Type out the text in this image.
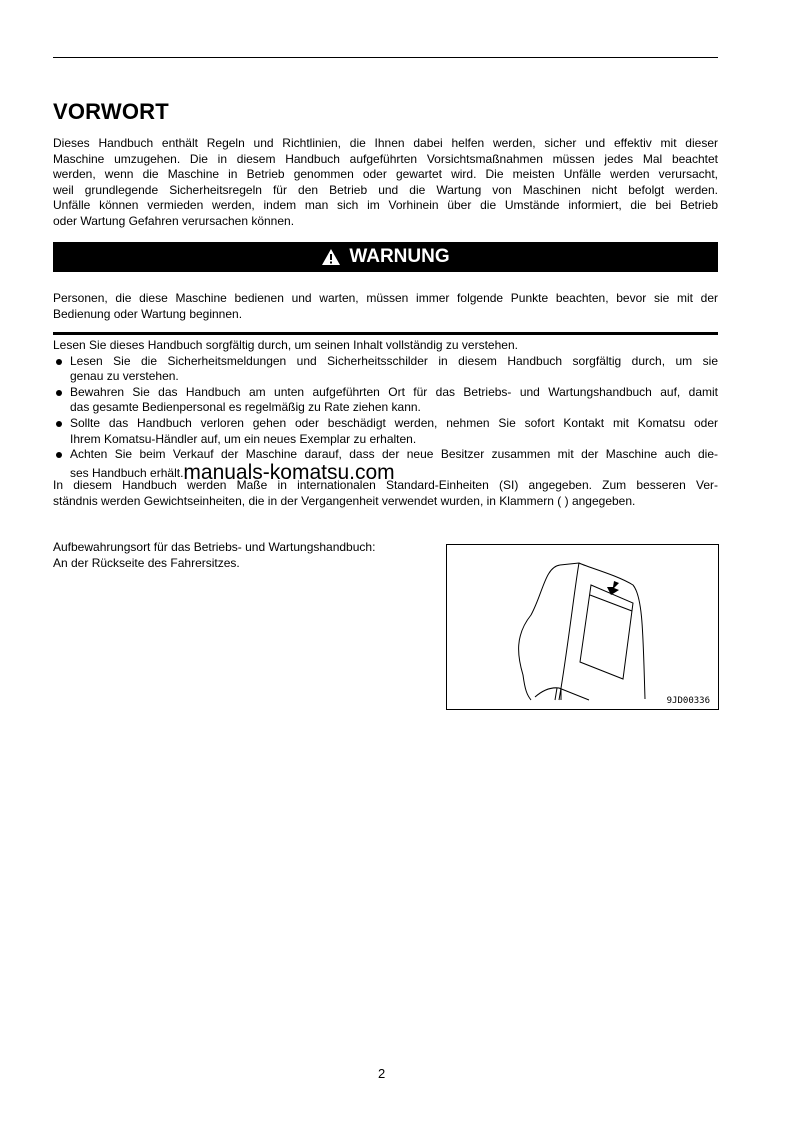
VORWORT
Dieses Handbuch enthält Regeln und Richtlinien, die Ihnen dabei helfen werden, sicher und effektiv mit dieser
Maschine umzugehen. Die in diesem Handbuch aufgeführten Vorsichtsmaßnahmen müssen jedes Mal beachtet
werden, wenn die Maschine in Betrieb genommen oder gewartet wird. Die meisten Unfälle werden verursacht,
weil grundlegende Sicherheitsregeln für den Betrieb und die Wartung von Maschinen nicht befolgt werden.
Unfälle können vermieden werden, indem man sich im Vorhinein über die Umstände informiert, die bei Betrieb
oder Wartung Gefahren verursachen können.
WARNUNG
Personen, die diese Maschine bedienen und warten, müssen immer folgende Punkte beachten, bevor sie mit der
Bedienung oder Wartung beginnen.
Lesen Sie dieses Handbuch sorgfältig durch, um seinen Inhalt vollständig zu verstehen.
Lesen Sie die Sicherheitsmeldungen und Sicherheitsschilder in diesem Handbuch sorgfältig durch, um sie
genau zu verstehen.
Bewahren Sie das Handbuch am unten aufgeführten Ort für das Betriebs- und Wartungshandbuch auf, damit
das gesamte Bedienpersonal es regelmäßig zu Rate ziehen kann.
Sollte das Handbuch verloren gehen oder beschädigt werden, nehmen Sie sofort Kontakt mit Komatsu oder
Ihrem Komatsu-Händler auf, um ein neues Exemplar zu erhalten.
Achten Sie beim Verkauf der Maschine darauf, dass der neue Besitzer zusammen mit der Maschine auch die-
ses Handbuch erhält.manuals-komatsu.com
In diesem Handbuch werden Maße in internationalen Standard-Einheiten (SI) angegeben. Zum besseren Ver-
ständnis werden Gewichtseinheiten, die in der Vergangenheit verwendet wurden, in Klammern ( ) angegeben.
Aufbewahrungsort für das Betriebs- und Wartungshandbuch:
An der Rückseite des Fahrersitzes.
9JD00336
2
